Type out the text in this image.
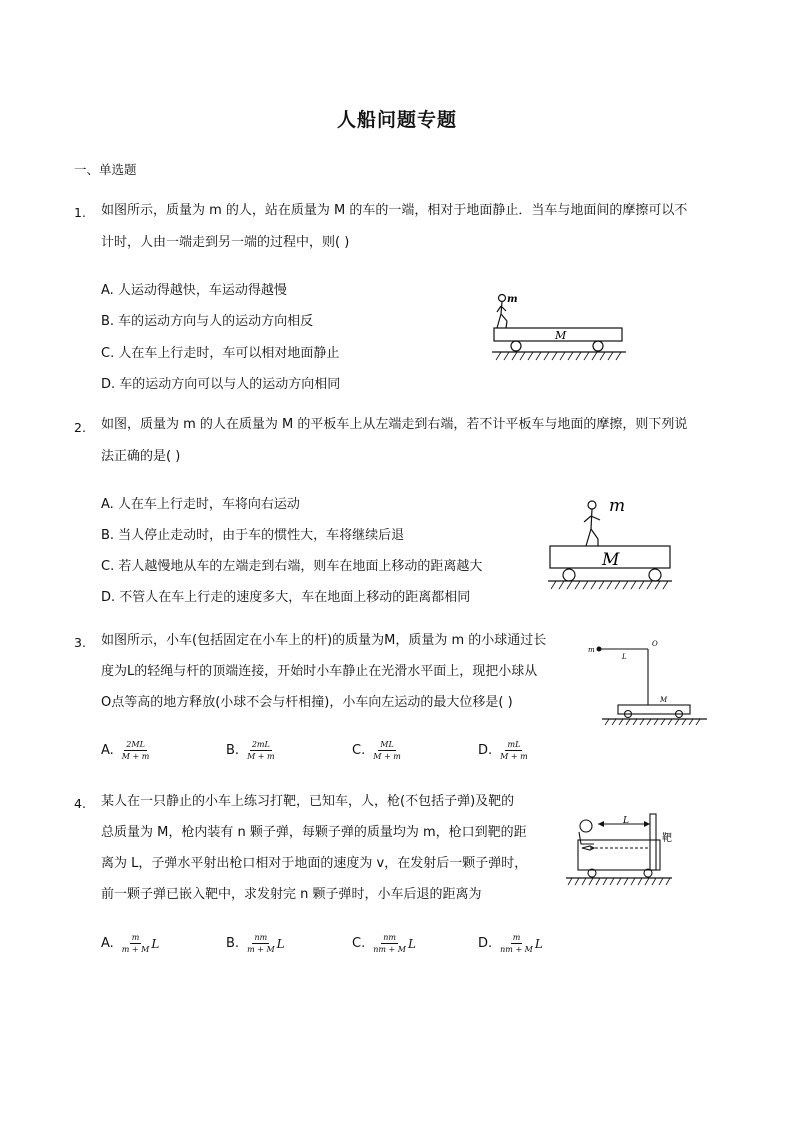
人船问题专题
一、单选题
1. 如图所示，质量为 m 的人，站在质量为 M 的车的一端，相对于地面静止．当车与地面间的摩擦可以不
计时，人由一端走到另一端的过程中，则( )
A. 人运动得越快，车运动得越慢
B. 车的运动方向与人的运动方向相反
C. 人在车上行走时，车可以相对地面静止
D. 车的运动方向可以与人的运动方向相同
m
M
2. 如图，质量为 m 的人在质量为 M 的平板车上从左端走到右端，若不计平板车与地面的摩擦，则下列说
法正确的是( )
A. 人在车上行走时，车将向右运动
B. 当人停止走动时，由于车的惯性大，车将继续后退
C. 若人越慢地从车的左端走到右端，则车在地面上移动的距离越大
D. 不管人在车上行走的速度多大，车在地面上移动的距离都相同
m
M
3. 如图所示，小车(包括固定在小车上的杆)的质量为M，质量为 m 的小球通过长
度为L的轻绳与杆的顶端连接，开始时小车静止在光滑水平面上，现把小球从
O点等高的地方释放(小球不会与杆相撞)，小车向左运动的最大位移是( )
A. $\frac{2ML}{M + m}$	B. $\frac{2mL}{M + m}$	C. $\frac{ML}{M + m}$	D. $\frac{mL}{M + m}$
m
L
O
M
4. 某人在一只静止的小车上练习打靶，已知车，人，枪(不包括子弹)及靶的
总质量为 M，枪内装有 n 颗子弹，每颗子弹的质量均为 m，枪口到靶的距
离为 L，子弹水平射出枪口相对于地面的速度为 v，在发射后一颗子弹时，
前一颗子弹已嵌入靶中，求发射完 n 颗子弹时，小车后退的距离为
A. $\frac{m}{m + M}$ L	B. $\frac{nm}{m + M}$ L	C. $\frac{nm}{nm + M}$ L	D. $\frac{m}{nm + M}$ L
L
靶
